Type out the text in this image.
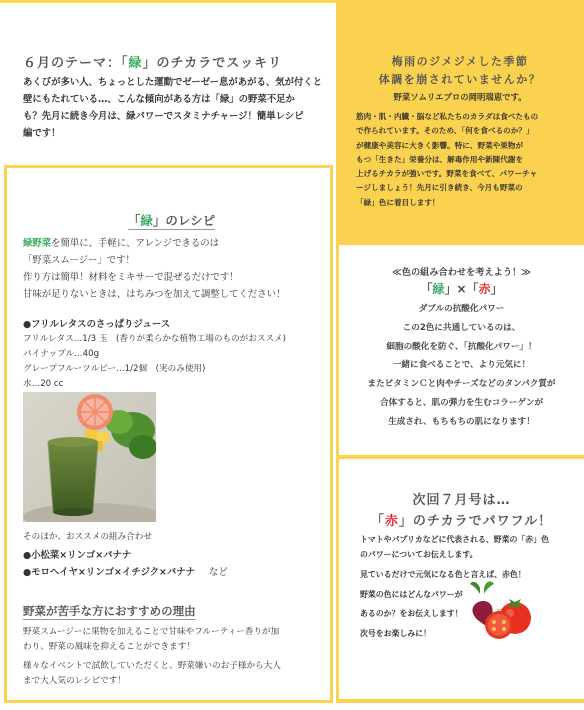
６月のテーマ：「緑」のチカラでスッキリ
あくびが多い人、ちょっとした運動でゼーゼー息があがる、気が付くと
壁にもたれている…、こんな傾向がある方は「緑」の野菜不足か
も？先月に続き今月は、緑パワーでスタミナチャージ！簡単レシピ
編です！
梅雨のジメジメした季節
体調を崩されていませんか？
野菜ソムリエプロの岡明瑞恵です。
筋肉・肌・内臓・脳など私たちのカラダは食べたもの
で作られています。そのため、「何を食べるのか？」
が健康や美容に大きく影響。特に、野菜や果物が
もつ「生きた」栄養分は、解毒作用や新陳代謝を
上げるチカラが強いです。野菜を食べて、パワーチャ
ージしましょう！先月に引き続き、今月も野菜の
「緑」色に着目します！
「緑」のレシピ
緑野菜を簡単に、手軽に、アレンジできるのは
「野菜スムージー」です！
作り方は簡単！材料をミキサーで混ぜるだけです！
甘味が足りないときは、はちみつを加えて調整してください！
●フリルレタスのさっぱりジュース
フリルレタス…1/3 玉　(香りが柔らかな植物工場のものがおススメ)
パイナップル…40g
グレープフルーツルビー…1/2個　(実のみ使用)
水…20 cc
そのほか、おススメの組み合わせ
●小松菜×リンゴ×バナナ
●モロヘイヤ×リンゴ×イチジク×バナナ など
野菜が苦手な方におすすめの理由
野菜スムージーに果物を加えることで甘味やフルーティー香りが加
わり、野菜の風味を抑えることができます！
様々なイベントで試飲していただくと、野菜嫌いのお子様から大人
まで大人気のレシピです！
≪色の組み合わせを考えよう！≫
「緑」×「赤」
ダブルの抗酸化パワー
この2色に共通しているのは、
細胞の酸化を防ぐ、「抗酸化パワー」！
一緒に食べることで、より元気に！
またビタミンＣと肉やチーズなどのタンパク質が
合体すると、肌の弾力を生むコラーゲンが
生成され、もちもちの肌になります！
次回７月号は…
「赤」のチカラでパワフル！
トマトやパプリカなどに代表される、野菜の「赤」色
のパワーについてお伝えします。
見ているだけで元気になる色と言えば、赤色！
野菜の色にはどんなパワーが
あるのか？をお伝えします！
次号をお楽しみに！
